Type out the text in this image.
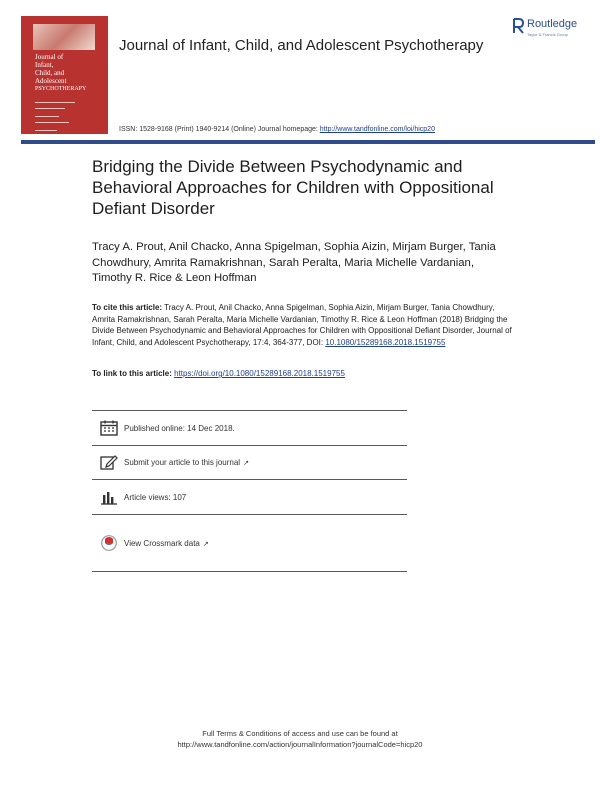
Journal of
Infant,
Child, and
Adolescent
PSYCHOTHERAPY
Journal of Infant, Child, and Adolescent Psychotherapy
Routledge
Taylor & Francis Group
ISSN: 1528-9168 (Print) 1940-9214 (Online) Journal homepage: http://www.tandfonline.com/loi/hicp20
Bridging the Divide Between Psychodynamic and Behavioral Approaches for Children with Oppositional Defiant Disorder
Tracy A. Prout, Anil Chacko, Anna Spigelman, Sophia Aizin, Mirjam Burger, Tania Chowdhury, Amrita Ramakrishnan, Sarah Peralta, Maria Michelle Vardanian, Timothy R. Rice & Leon Hoffman
To cite this article: Tracy A. Prout, Anil Chacko, Anna Spigelman, Sophia Aizin, Mirjam Burger, Tania Chowdhury, Amrita Ramakrishnan, Sarah Peralta, Maria Michelle Vardanian, Timothy R. Rice & Leon Hoffman (2018) Bridging the Divide Between Psychodynamic and Behavioral Approaches for Children with Oppositional Defiant Disorder, Journal of Infant, Child, and Adolescent Psychotherapy, 17:4, 364-377, DOI: 10.1080/15289168.2018.1519755
To link to this article: https://doi.org/10.1080/15289168.2018.1519755
Published online: 14 Dec 2018.
Submit your article to this journal ↗
Article views: 107
View Crossmark data ↗
Full Terms & Conditions of access and use can be found at
http://www.tandfonline.com/action/journalInformation?journalCode=hicp20
